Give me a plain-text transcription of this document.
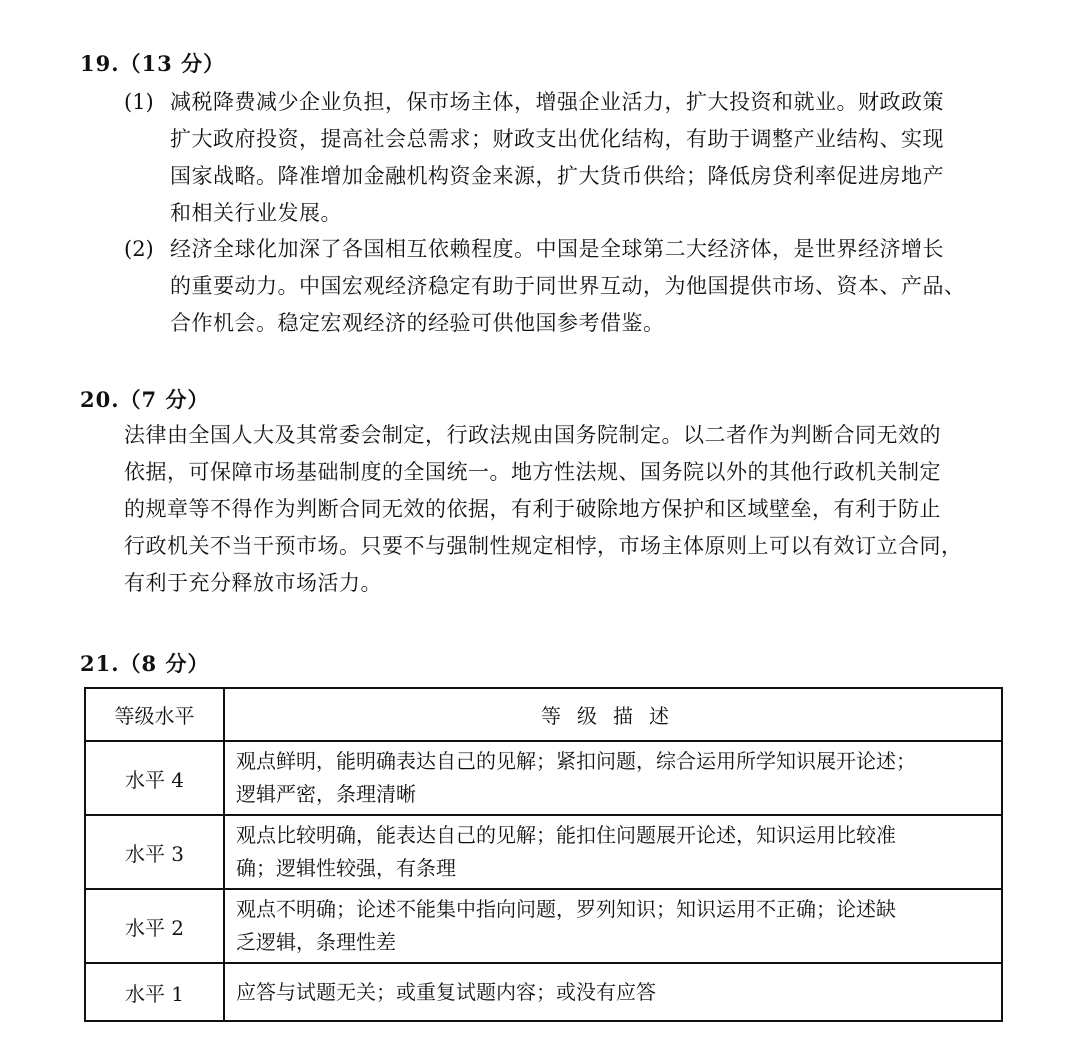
19.（13 分）
(1) 减税降费减少企业负担，保市场主体，增强企业活力，扩大投资和就业。财政政策
扩大政府投资，提高社会总需求；财政支出优化结构，有助于调整产业结构、实现
国家战略。降准增加金融机构资金来源，扩大货币供给；降低房贷利率促进房地产
和相关行业发展。
(2) 经济全球化加深了各国相互依赖程度。中国是全球第二大经济体，是世界经济增长
的重要动力。中国宏观经济稳定有助于同世界互动，为他国提供市场、资本、产品、
合作机会。稳定宏观经济的经验可供他国参考借鉴。
20.（7 分）
法律由全国人大及其常委会制定，行政法规由国务院制定。以二者作为判断合同无效的
依据，可保障市场基础制度的全国统一。地方性法规、国务院以外的其他行政机关制定
的规章等不得作为判断合同无效的依据，有利于破除地方保护和区域壁垒，有利于防止
行政机关不当干预市场。只要不与强制性规定相悖，市场主体原则上可以有效订立合同，
有利于充分释放市场活力。
21.（8 分）
等级水平	等级描述
水平 4	观点鲜明，能明确表达自己的见解；紧扣问题，综合运用所学知识展开论述；
逻辑严密，条理清晰

水平 3	观点比较明确，能表达自己的见解；能扣住问题展开论述，知识运用比较准
确；逻辑性较强，有条理

水平 2	观点不明确；论述不能集中指向问题，罗列知识；知识运用不正确；论述缺
乏逻辑，条理性差

水平 1	应答与试题无关；或重复试题内容；或没有应答
